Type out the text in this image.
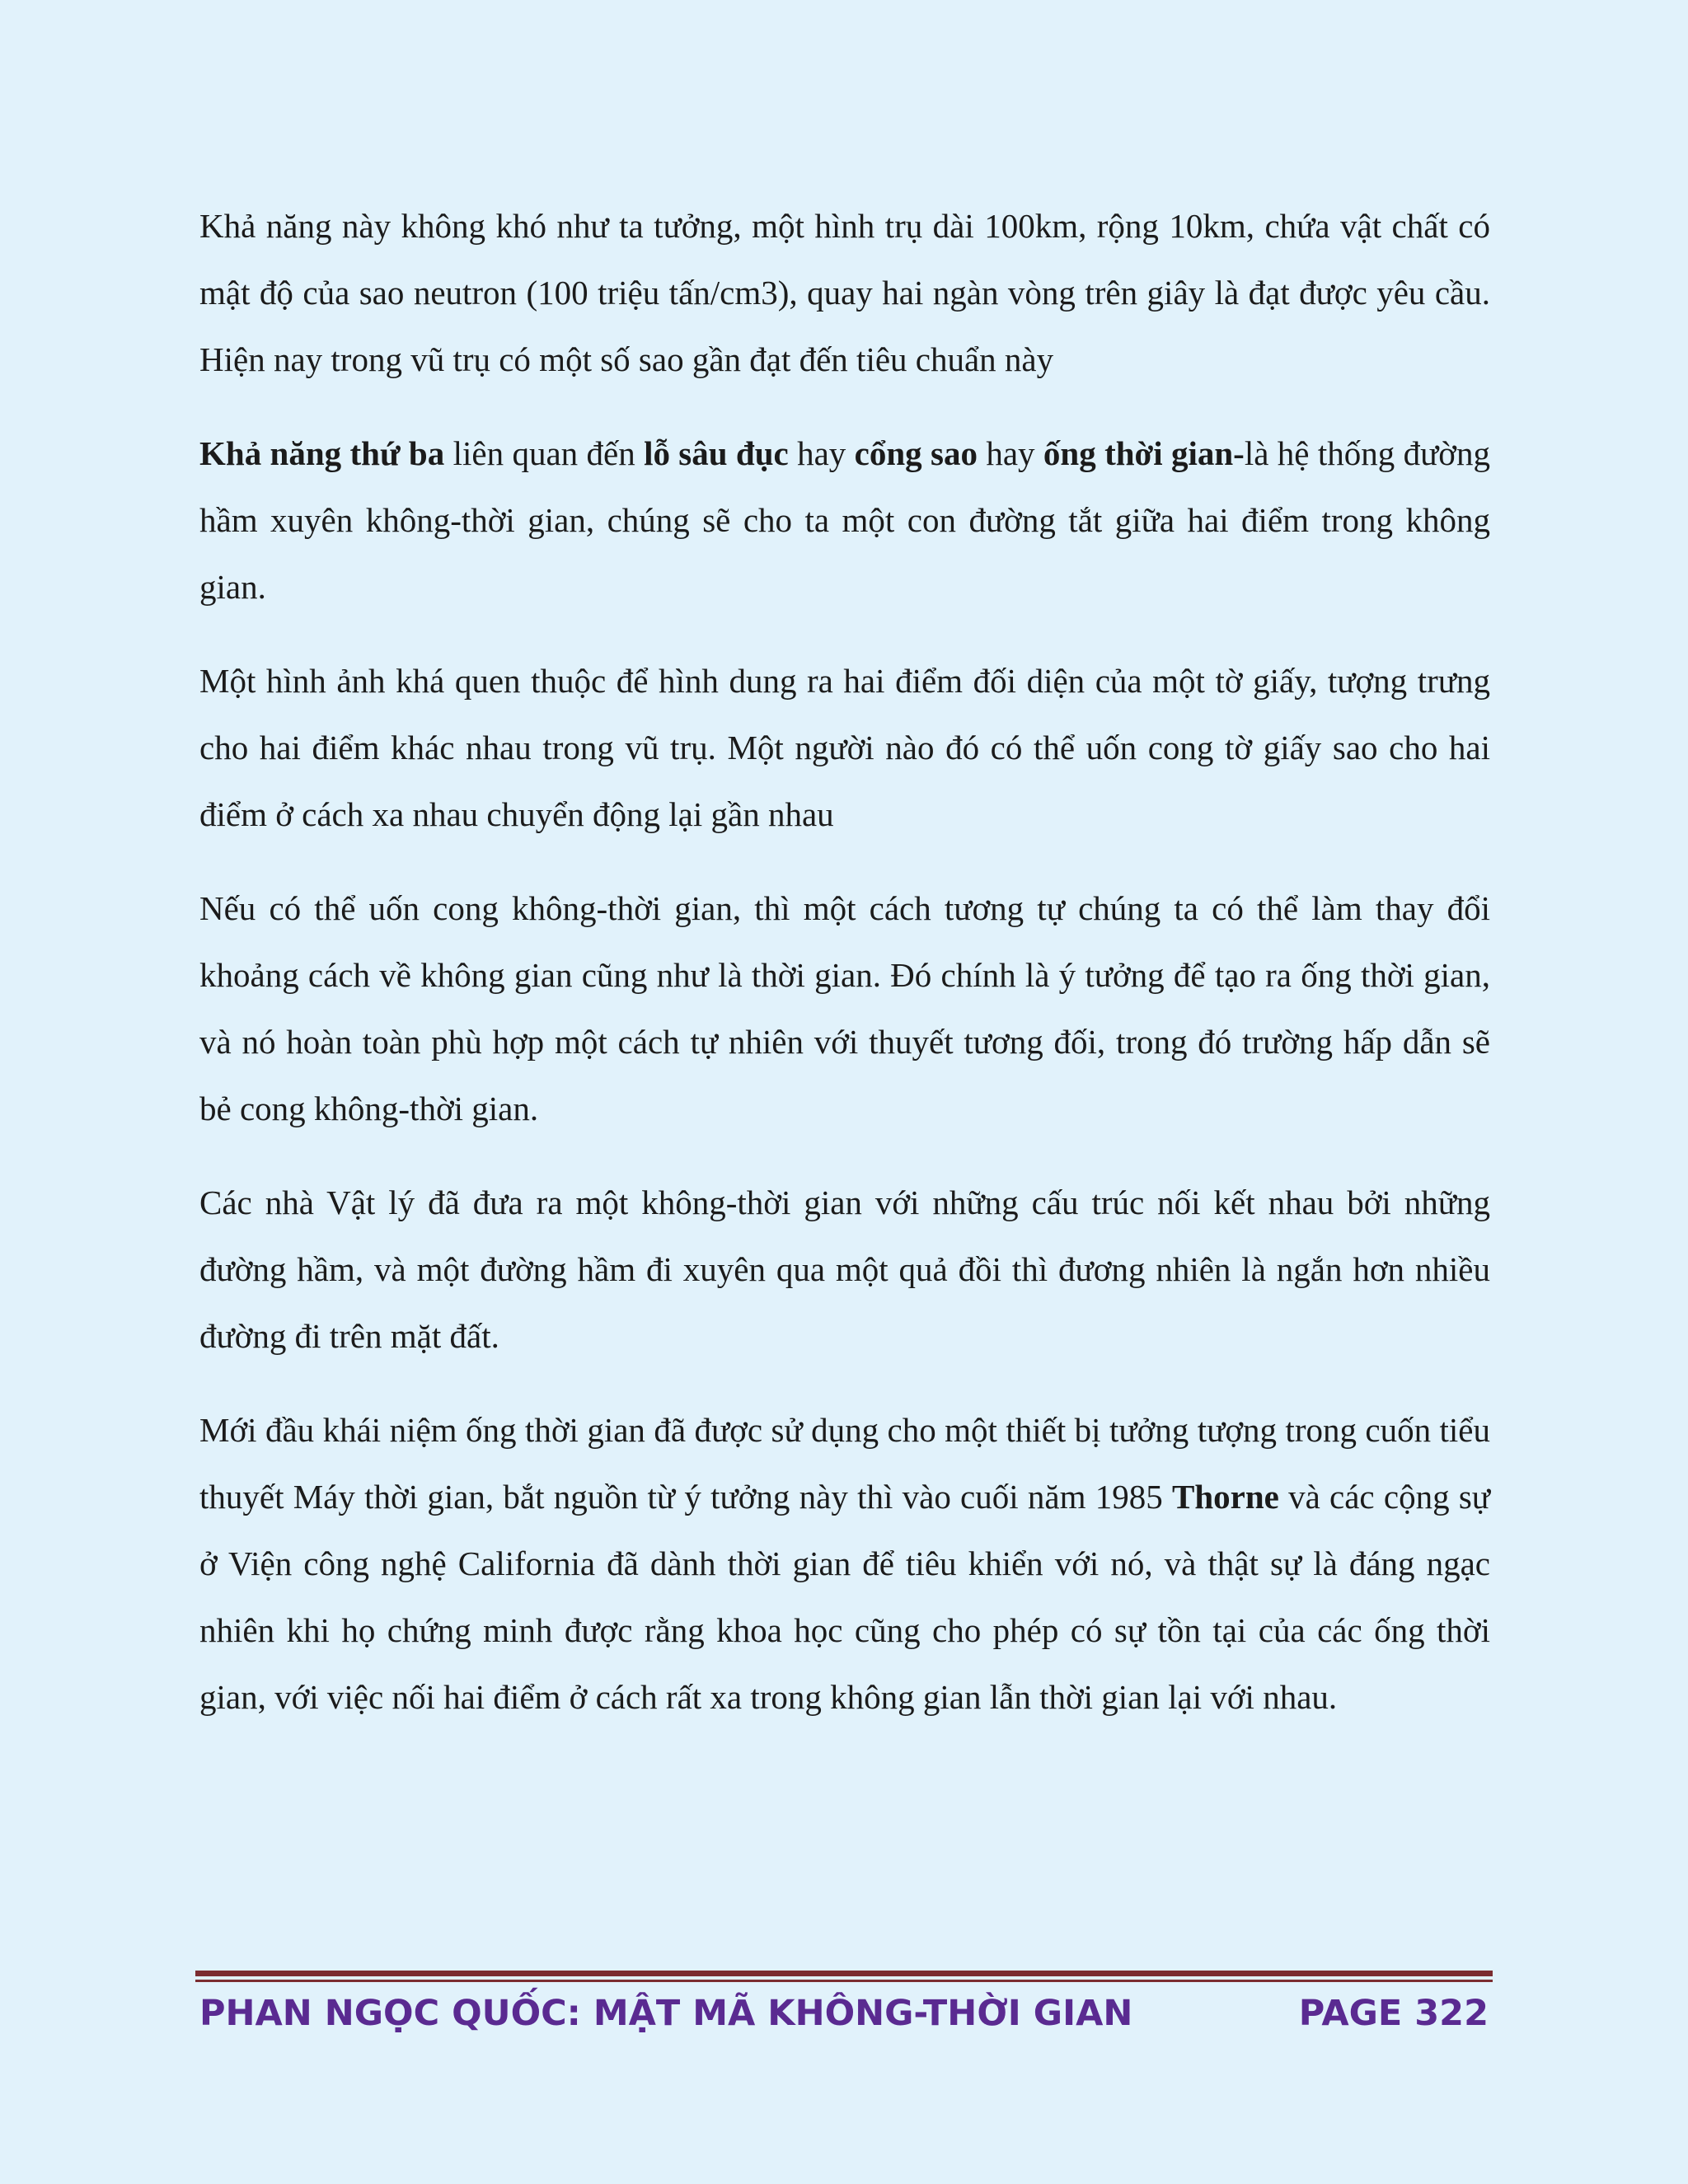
Khả năng này không khó như ta tưởng, một hình trụ dài 100km, rộng 10km, chứa vật chất có mật độ của sao neutron (100 triệu tấn/cm3), quay hai ngàn vòng trên giây là đạt được yêu cầu. Hiện nay trong vũ trụ có một số sao gần đạt đến tiêu chuẩn này

Khả năng thứ ba liên quan đến lỗ sâu đục hay cổng sao hay ống thời gian-là hệ thống đường hầm xuyên không-thời gian, chúng sẽ cho ta một con đường tắt giữa hai điểm trong không gian.

Một hình ảnh khá quen thuộc để hình dung ra hai điểm đối diện của một tờ giấy, tượng trưng cho hai điểm khác nhau trong vũ trụ. Một người nào đó có thể uốn cong tờ giấy sao cho hai điểm ở cách xa nhau chuyển động lại gần nhau

Nếu có thể uốn cong không-thời gian, thì một cách tương tự chúng ta có thể làm thay đổi khoảng cách về không gian cũng như là thời gian. Đó chính là ý tưởng để tạo ra ống thời gian, và nó hoàn toàn phù hợp một cách tự nhiên với thuyết tương đối, trong đó trường hấp dẫn sẽ bẻ cong không-thời gian.

Các nhà Vật lý đã đưa ra một không-thời gian với những cấu trúc nối kết nhau bởi những đường hầm, và một đường hầm đi xuyên qua một quả đồi thì đương nhiên là ngắn hơn nhiều đường đi trên mặt đất.

Mới đầu khái niệm ống thời gian đã được sử dụng cho một thiết bị tưởng tượng trong cuốn tiểu thuyết Máy thời gian, bắt nguồn từ ý tưởng này thì vào cuối năm 1985 Thorne và các cộng sự ở Viện công nghệ California đã dành thời gian để tiêu khiển với nó, và thật sự là đáng ngạc nhiên khi họ chứng minh được rằng khoa học cũng cho phép có sự tồn tại của các ống thời gian, với việc nối hai điểm ở cách rất xa trong không gian lẫn thời gian lại với nhau.

PHAN NGỌC QUỐC: MẬT MÃ KHÔNG-THỜI GIAN	PAGE 322
